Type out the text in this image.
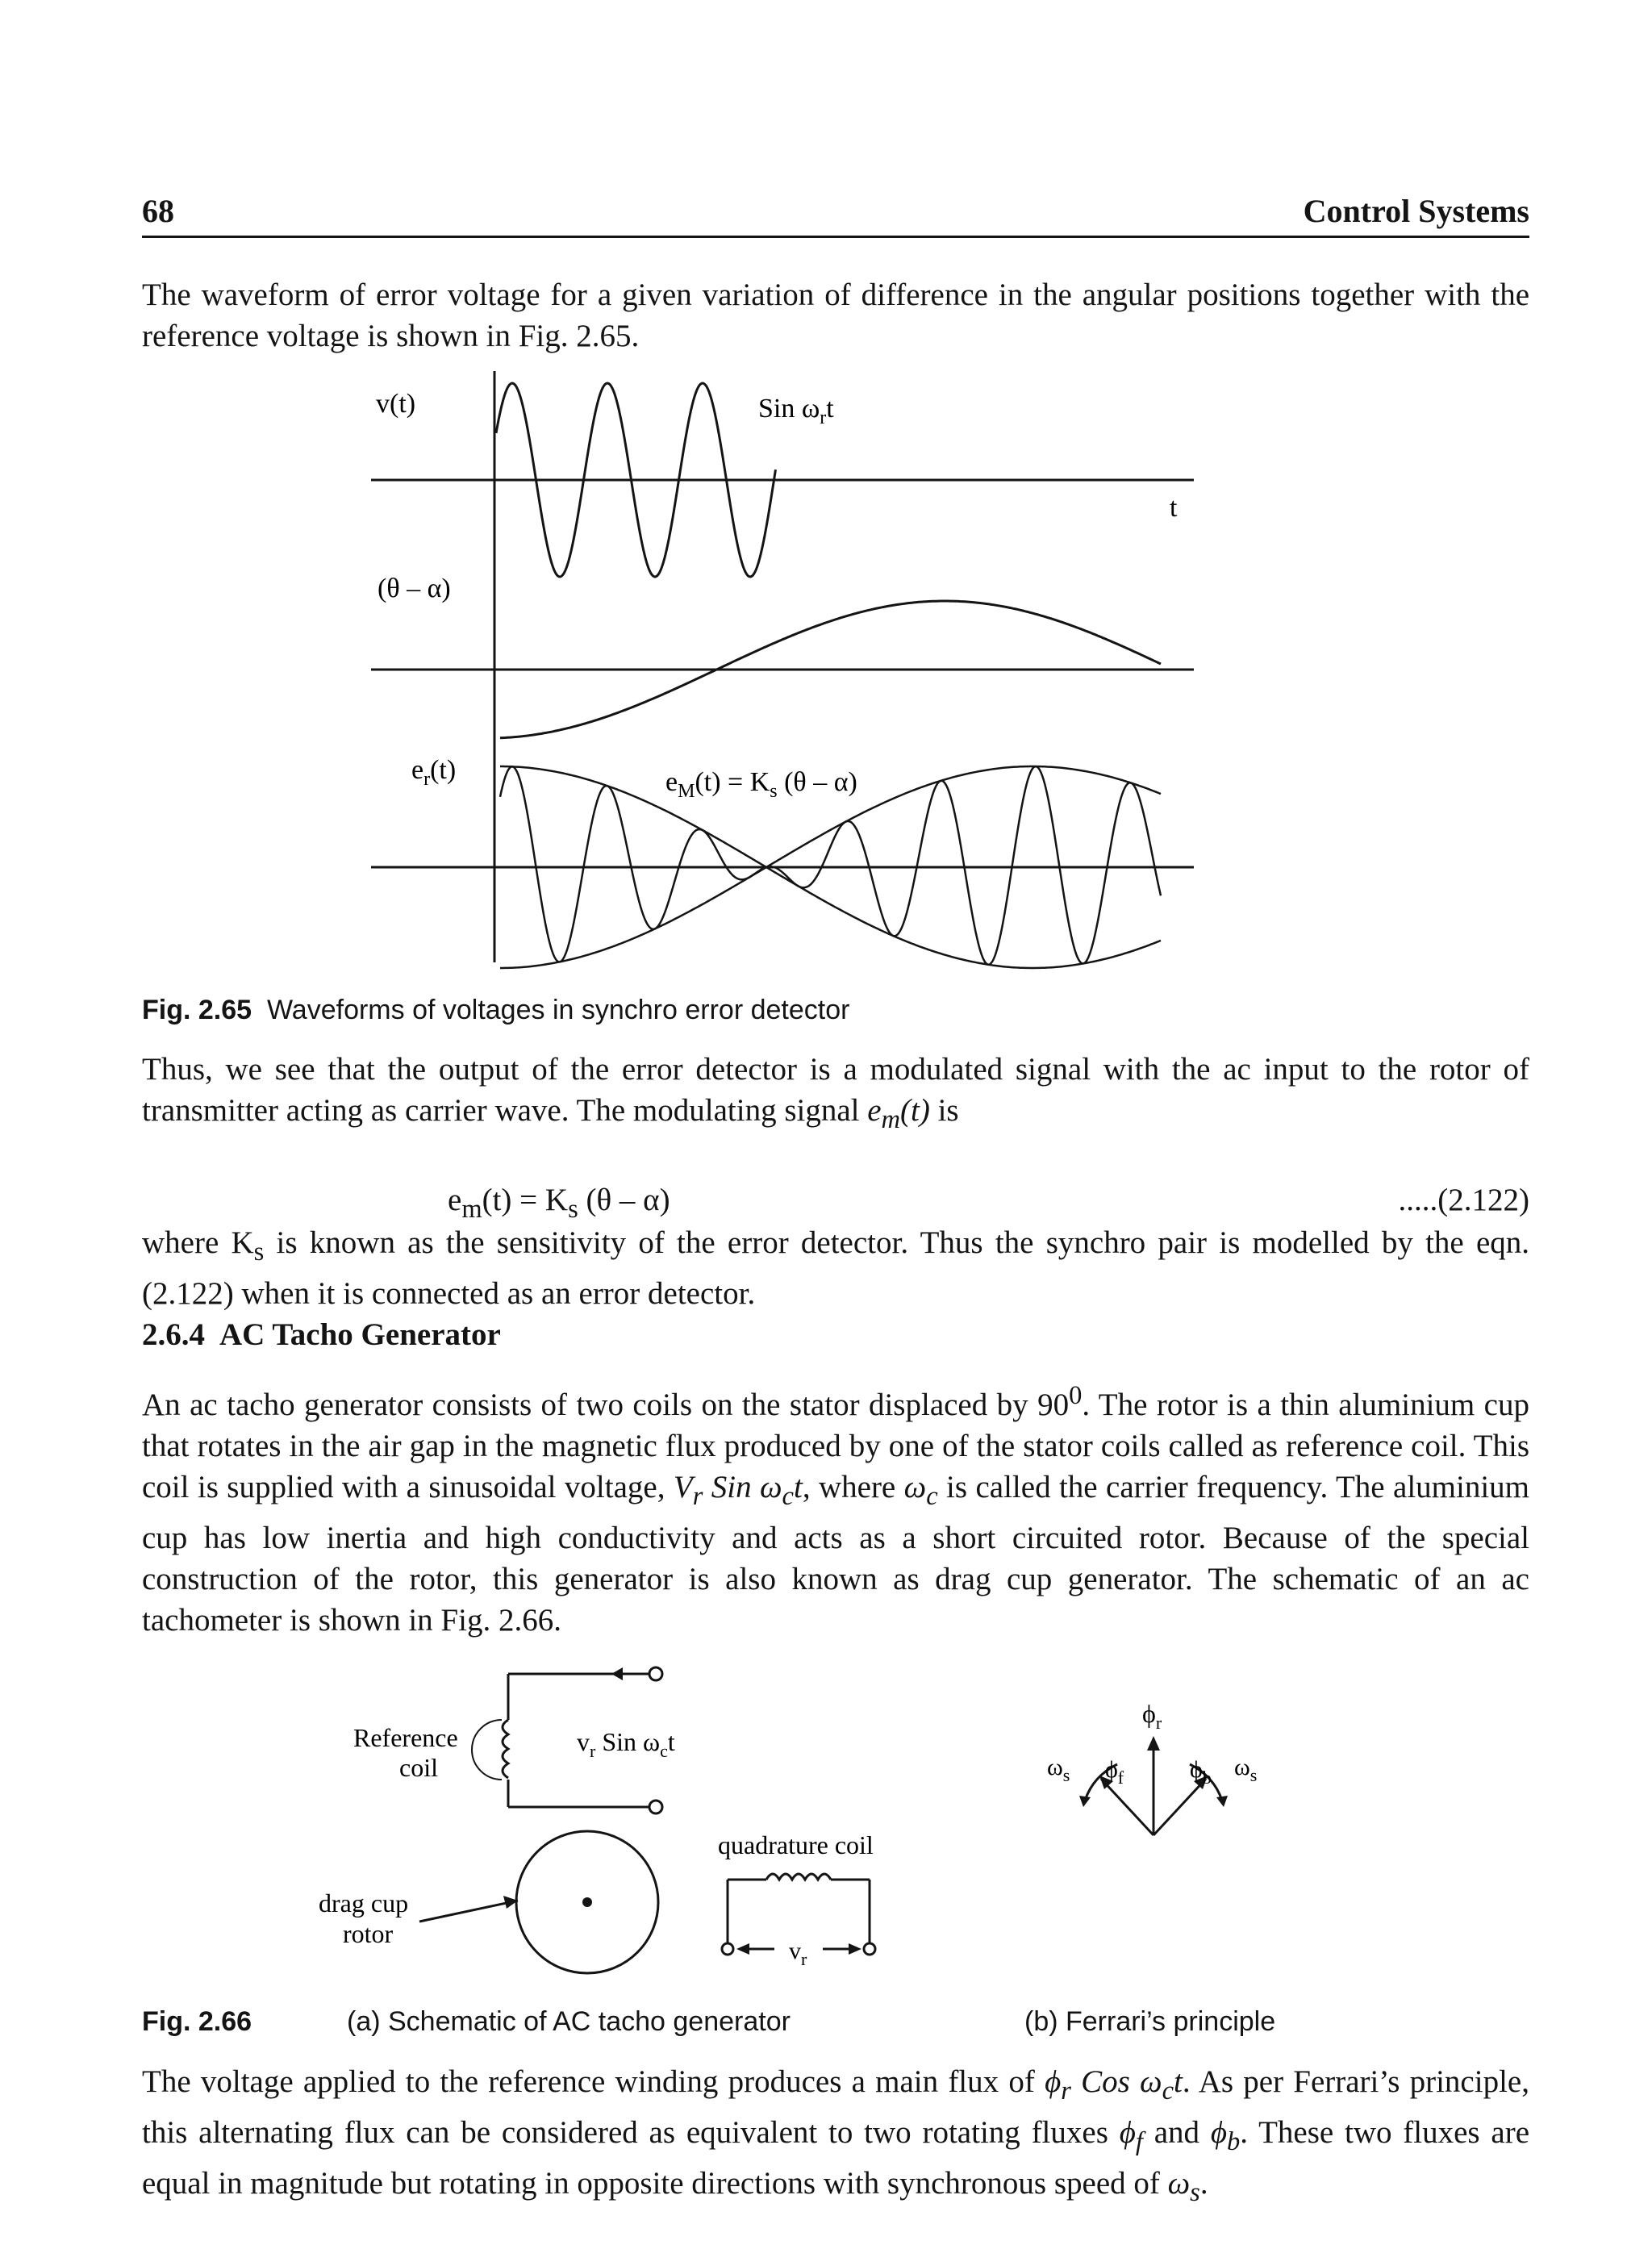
68	Control Systems

The waveform of error voltage for a given variation of difference in the angular positions together with the reference voltage is shown in Fig. 2.65.

v(t)	Sin $\omega_rt$
t
(θ – α)
$e_r(t)$	$e_M(t) = K_s$ (θ – α)
Fig. 2.65 Waveforms of voltages in synchro error detector

Thus, we see that the output of the error detector is a modulated signal with the ac input to the rotor of transmitter acting as carrier wave. The modulating signal $e_m(t)$ is

$e_m(t) = K_s$ (θ – α)	.....(2.122)

where $K_s$ is known as the sensitivity of the error detector. Thus the synchro pair is modelled by the eqn. (2.122) when it is connected as an error detector.

2.6.4 AC Tacho Generator

An ac tacho generator consists of two coils on the stator displaced by $90^0$. The rotor is a thin aluminium cup that rotates in the air gap in the magnetic flux produced by one of the stator coils called as reference coil. This coil is supplied with a sinusoidal voltage, $V_r$ Sin $\omega_ct$, where $\omega_c$ is called the carrier frequency. The aluminium cup has low inertia and high conductivity and acts as a short circuited rotor. Because of the special construction of the rotor, this generator is also known as drag cup generator. The schematic of an ac tachometer is shown in Fig. 2.66.

Reference
coil
$v_r$ Sin $\omega_ct$
drag cup
rotor
quadrature coil
$v_r$
$\phi_r$
$\phi_f$	$\phi_b$
$\omega_s$	$\omega_s$
Fig. 2.66	(a) Schematic of AC tacho generator	(b) Ferrari’s principle

The voltage applied to the reference winding produces a main flux of $\phi_r$ Cos $\omega_ct$. As per Ferrari’s principle, this alternating flux can be considered as equivalent to two rotating fluxes $\phi_f$ and $\phi_b$. These two fluxes are equal in magnitude but rotating in opposite directions with synchronous speed of $\omega_s$.
